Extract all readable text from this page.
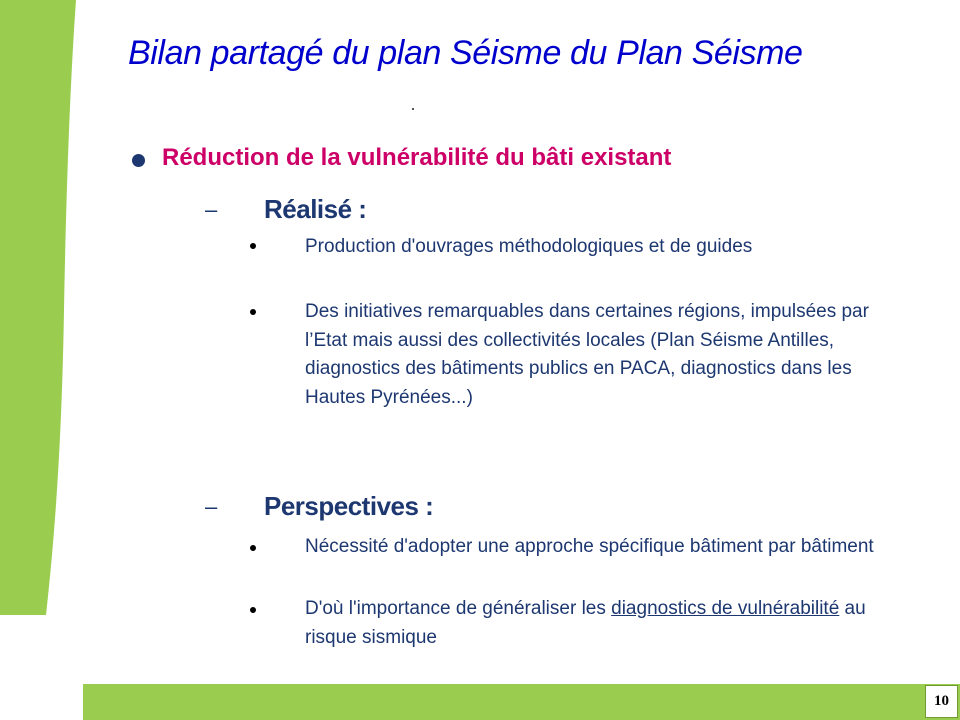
Bilan partagé du plan Séisme du Plan Séisme
Réduction de la vulnérabilité du bâti existant
– Réalisé :

Production d'ouvrages méthodologiques et de guides

Des initiatives remarquables dans certaines régions, impulsées par l’Etat mais aussi des collectivités locales (Plan Séisme Antilles, diagnostics des bâtiments publics en PACA, diagnostics dans les Hautes Pyrénées...)

– Perspectives :

Nécessité d'adopter une approche spécifique bâtiment par bâtiment

D'où l'importance de généraliser les diagnostics de vulnérabilité au risque sismique

10
